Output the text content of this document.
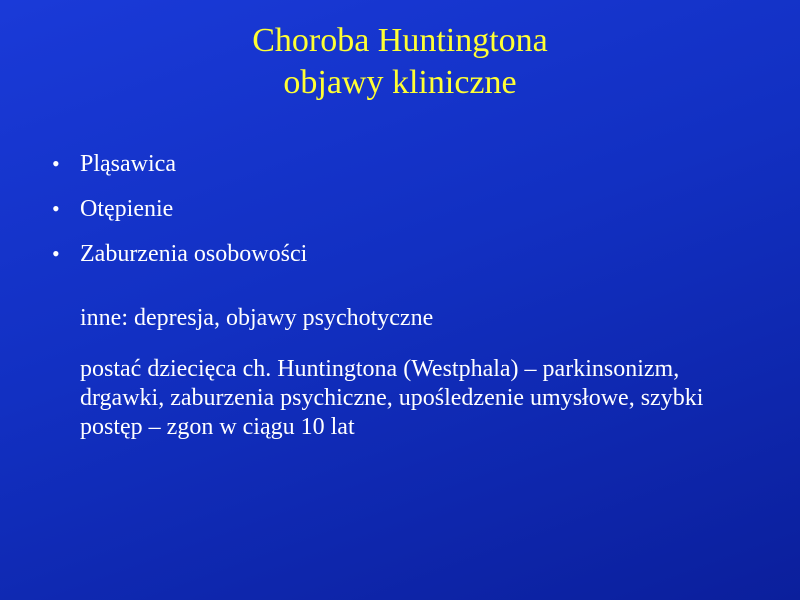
Choroba Huntingtona
objawy kliniczne
• Pląsawica
• Otępienie
• Zaburzenia osobowości

inne: depresja, objawy psychotyczne

postać dziecięca ch. Huntingtona (Westphala) – parkinsonizm, drgawki, zaburzenia psychiczne, upośledzenie umysłowe, szybki postęp – zgon w ciągu 10 lat
